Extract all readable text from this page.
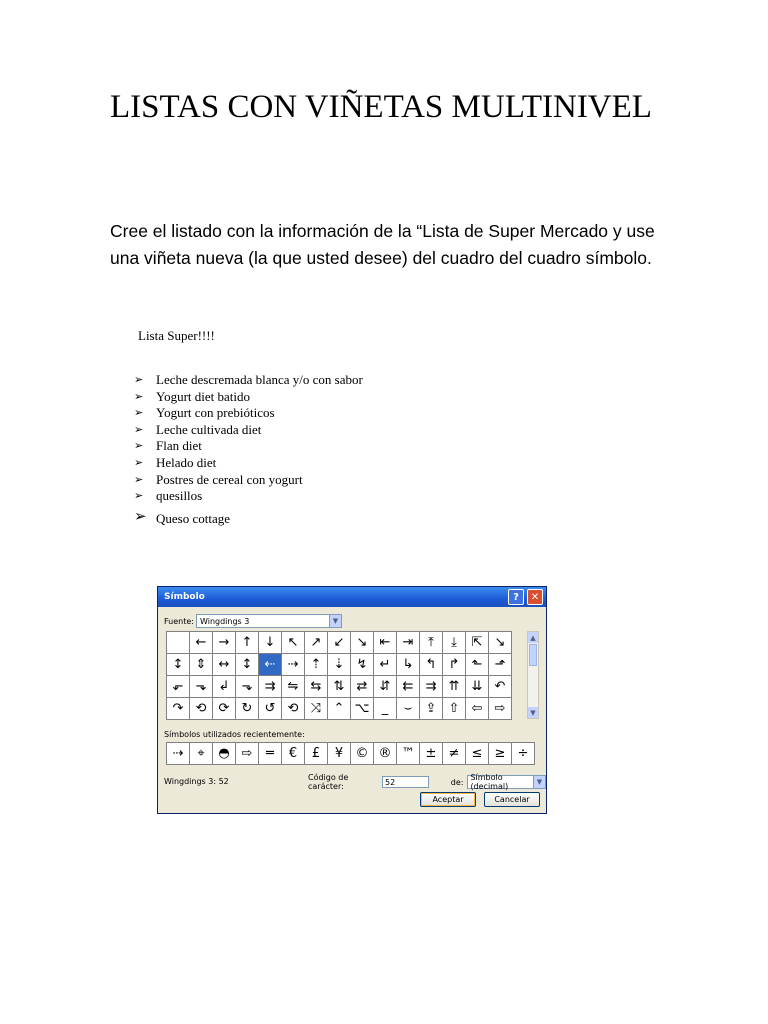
LISTAS CON VIÑETAS MULTINIVEL

Cree el listado con la información de la “Lista de Super Mercado y use una viñeta nueva (la que usted desee) del cuadro del cuadro símbolo.

Lista Super!!!!
➢ Leche descremada blanca y/o con sabor
➢ Yogurt diet batido
➢ Yogurt con prebióticos
➢ Leche cultivada diet
➢ Flan diet
➢ Helado diet
➢ Postres de cereal con yogurt
➢ quesillos
➢ Queso cottage
Símbolo	?	✕
Fuente: Wingdings 3	▼
← → ↑ ↓ ↖ ↗ ↙ ↘ ⇤ ⇥	⤒	⤓	⇱ ↘
↕ ⇕ ↔ ↕ ⇠ ⇢ ⇡ ⇣ ↯ ↵ ↳ ↰ ↱ ⬑ ⬏
⬐ ⬎ ↲ ⬎ ⇉ ⇋ ⇆ ⇅ ⇄ ⇵ ⇇ ⇉ ⇈ ⇊ ↶
↷ ⟲ ⟳ ↻ ↺ ⟲ ⤨ ⌃ ⌥ _	⌣	⇪ ⇧ ⇦ ⇨
▲
▼
Símbolos utilizados recientemente:
⇢	⌖	◓ ⇨	═	€	£	¥ © ® ™ ± ≠ ≤ ≥ ÷
Wingdings 3: 52	Código de carácter:	52	de: Símbolo (decimal)	▼
Aceptar	Cancelar
